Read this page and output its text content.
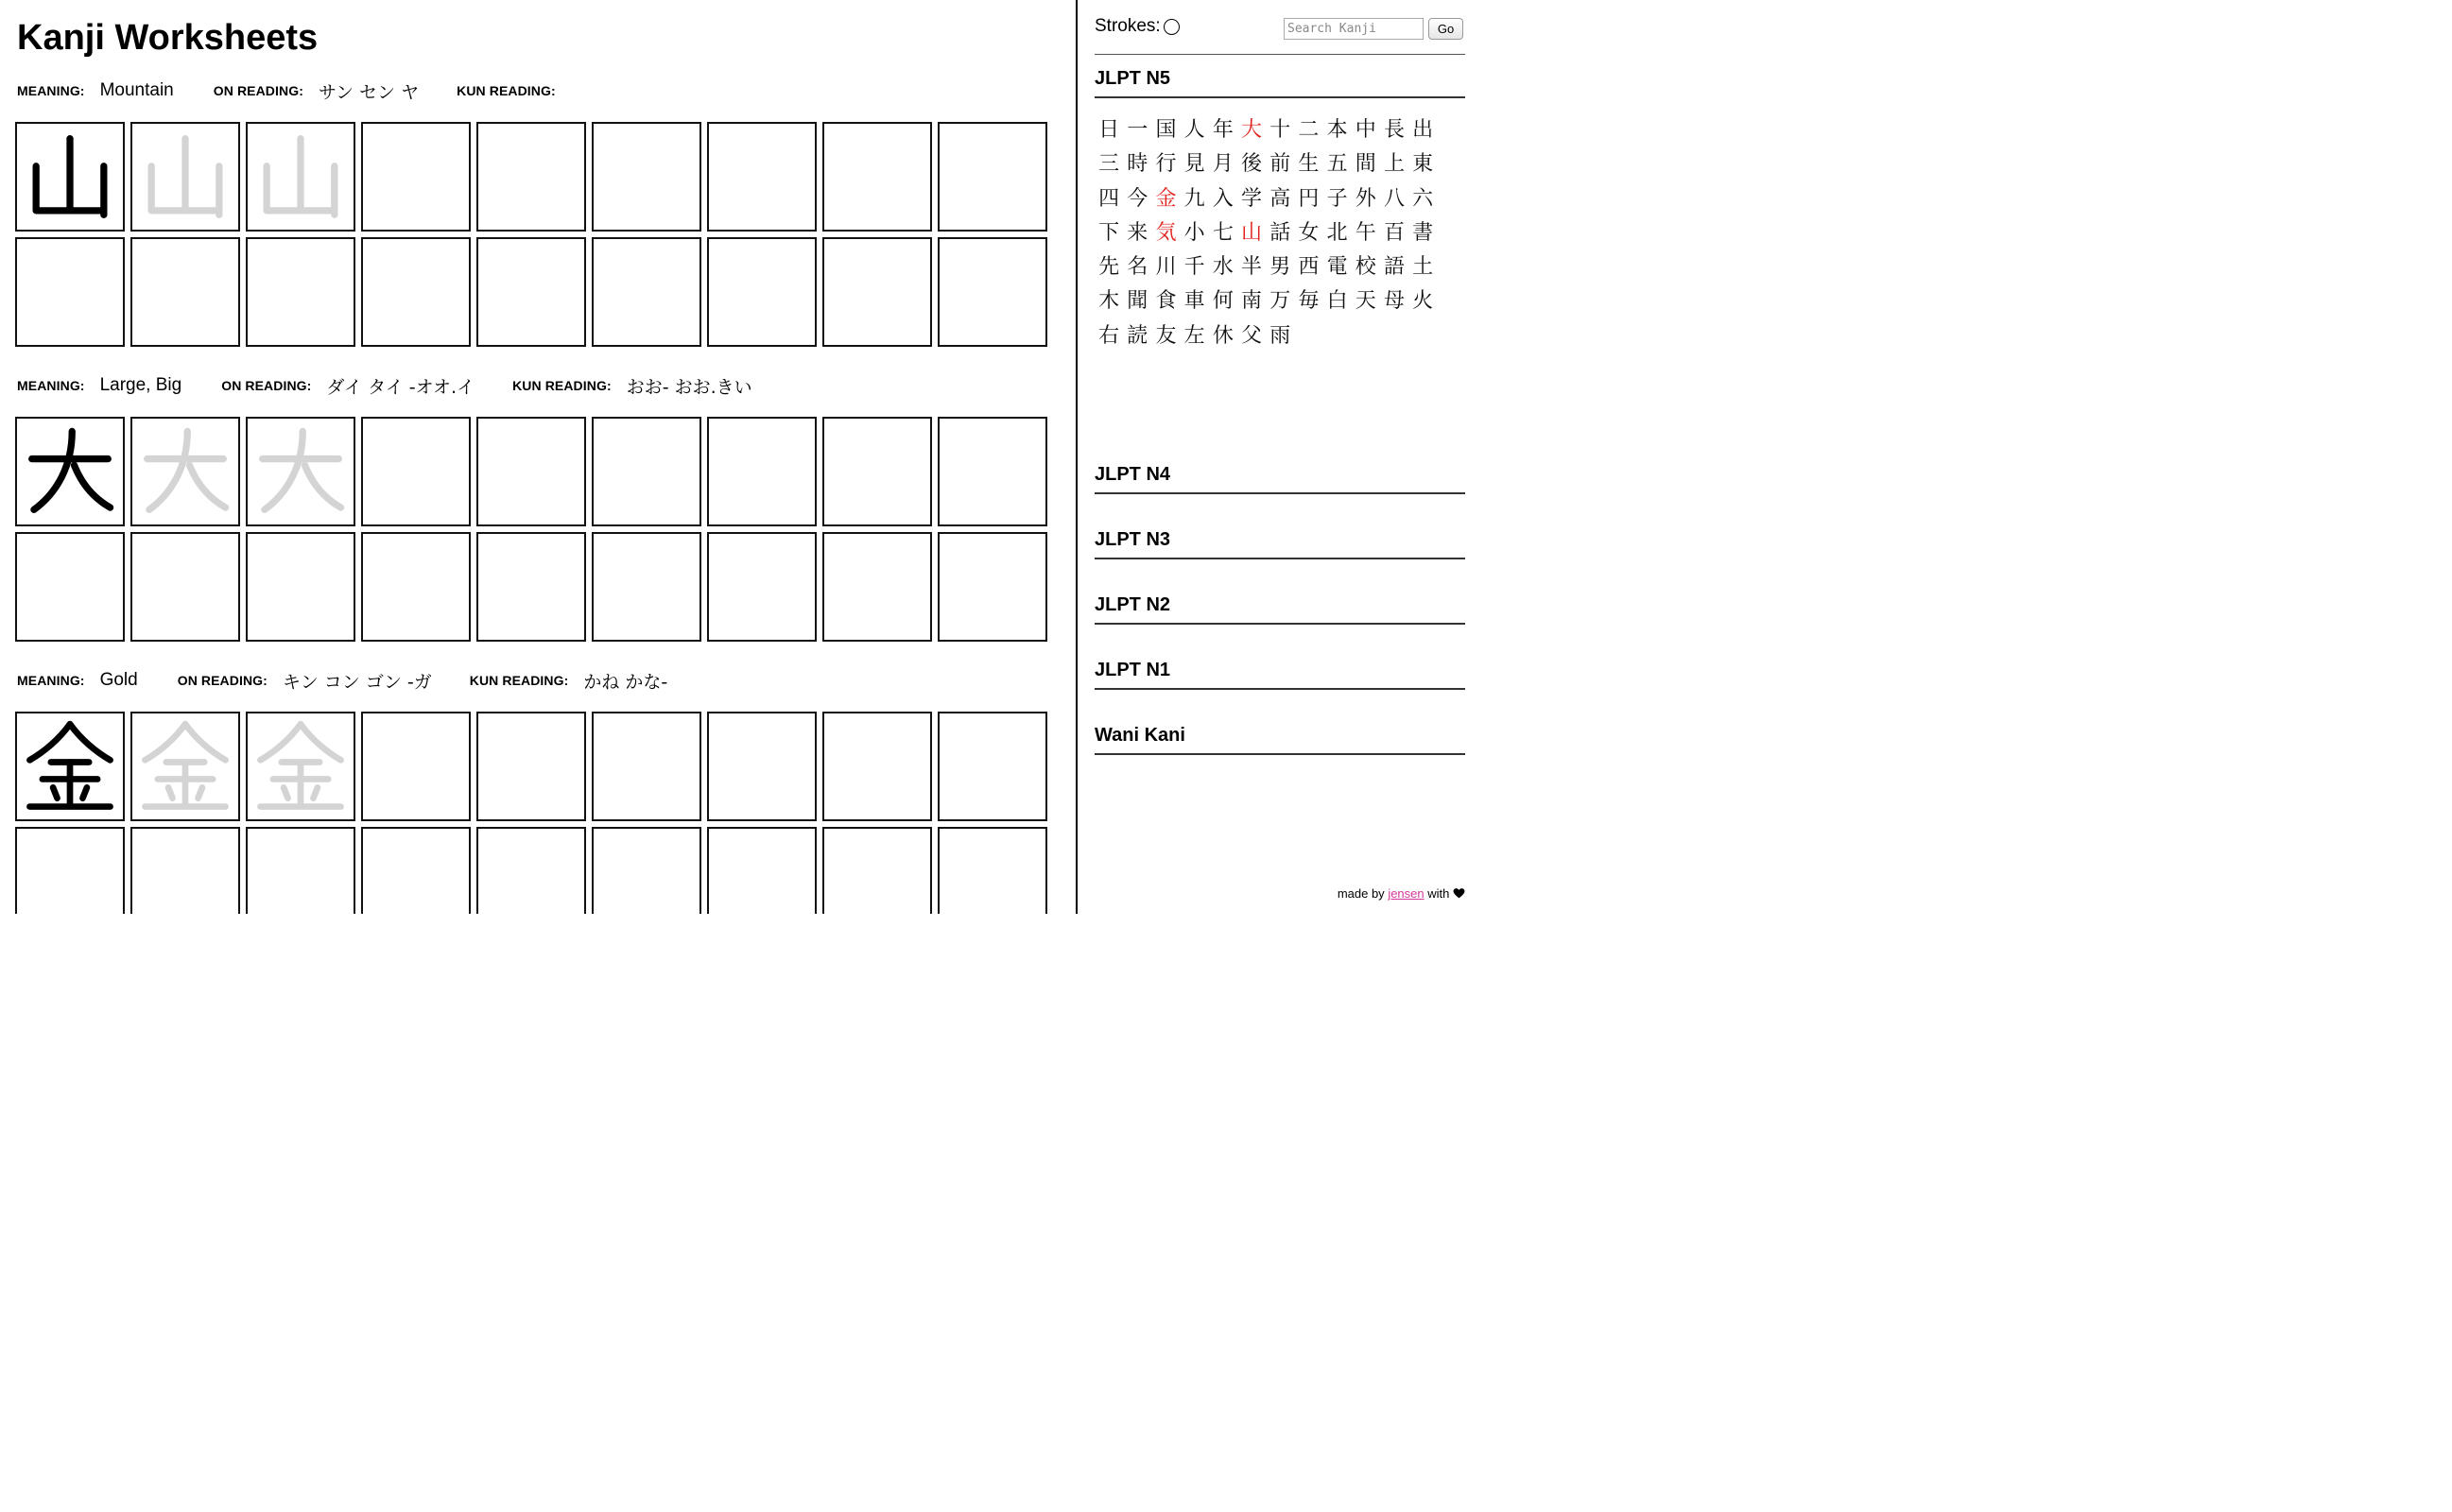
Kanji Worksheets
MEANING: Mountain	ON READING: サン セン ヤ	KUN READING:
MEANING: Large, Big	ON READING: ダイ タイ -オオ.イ	KUN READING: おお- おお.きい
MEANING: Gold	ON READING: キン コン ゴン -ガ	KUN READING: かね かな-
Strokes:
Search Kanji	Go
JLPT N5
日 一 国 人 年 大 十 二 本 中 長 出
三 時 行 見 月 後 前 生 五 間 上 東
四 今 金 九 入 学 高 円 子 外 八 六
下 来 気 小 七 山 話 女 北 午 百 書
先 名 川 千 水 半 男 西 電 校 語 土
木 聞 食 車 何 南 万 毎 白 天 母 火
右 読 友 左 休 父 雨
JLPT N4
JLPT N3
JLPT N2
JLPT N1
Wani Kani
made by jensen with
